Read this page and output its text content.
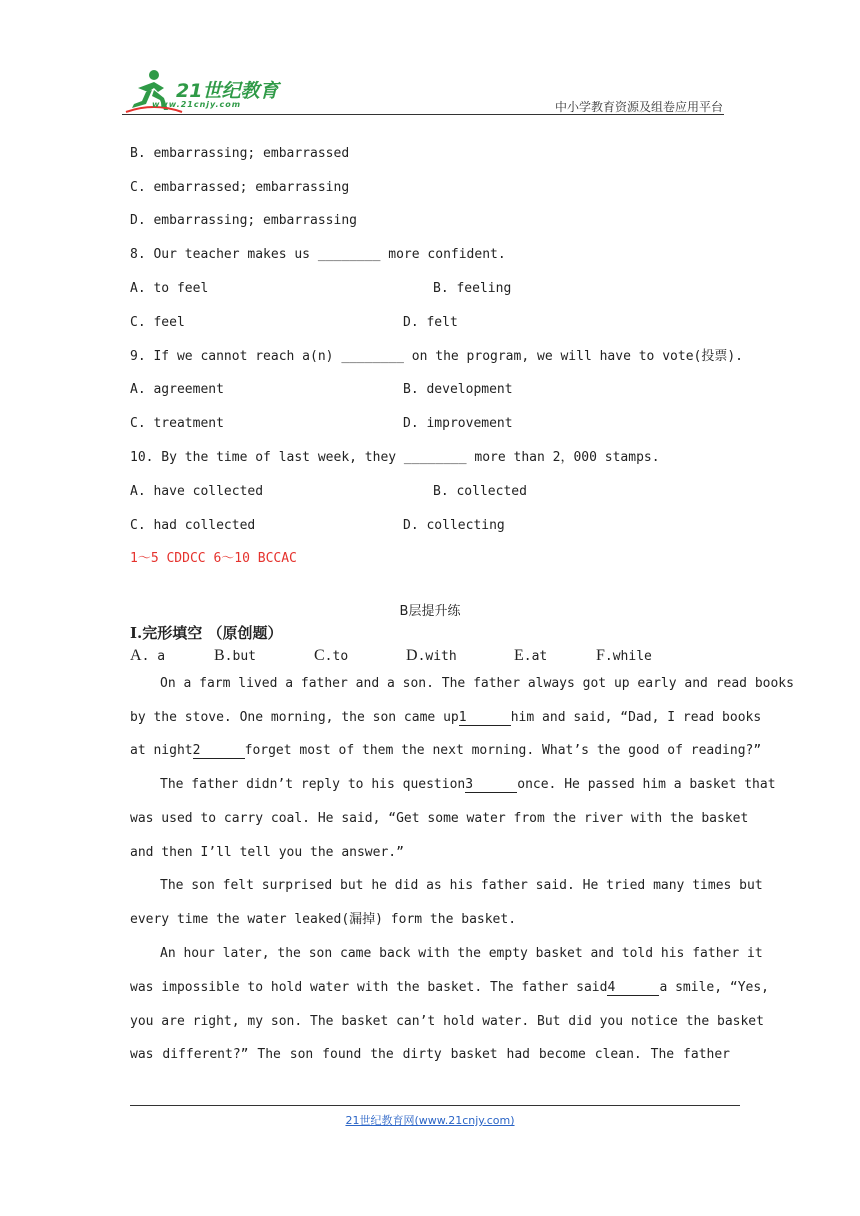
21世纪教育
www.21cnjy.com	中小学教育资源及组卷应用平台
B. embarrassing; embarrassed
C. embarrassed; embarrassing
D. embarrassing; embarrassing
8. Our teacher makes us ________ more confident.
A. to feel	B. feeling
C. feel	D. felt
9. If we cannot reach a(n) ________ on the program, we will have to vote(投票).
A. agreement	B. development
C. treatment	D. improvement
10. By the time of last week, they ________ more than 2，000 stamps.
A. have collected	B. collected
C. had collected	D. collecting
1～5 CDDCC 6～10 BCCAC
B层提升练
I.完形填空 （原创题）
A. a	B.but	C.to	D.with	E.at	F.while
On a farm lived a father and a son. The father always got up early and read books
by the stove. One morning, the son came up1	him and said, “Dad, I read books
at night2	forget most of them the next morning. What’s the good of reading?”
The father didn’t reply to his question3	once. He passed him a basket that
was used to carry coal. He said, “Get some water from the river with the basket
and then I’ll tell you the answer.”
The son felt surprised but he did as his father said. He tried many times but
every time the water leaked(漏掉) form the basket.
An hour later, the son came back with the empty basket and told his father it
was impossible to hold water with the basket. The father said4	a smile, “Yes,
you are right, my son. The basket can’t hold water. But did you notice the basket
was different?” The son found the dirty basket had become clean. The father
21世纪教育网(www.21cnjy.com)
